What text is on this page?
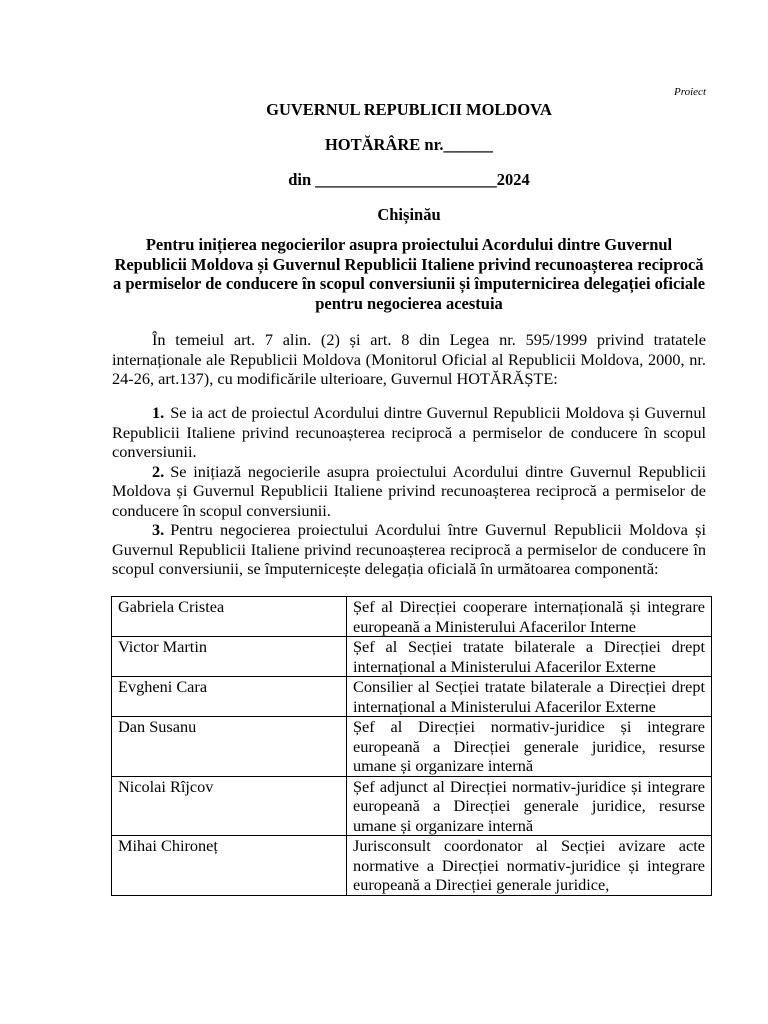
Proiect
GUVERNUL REPUBLICII MOLDOVA
HOTĂRÂRE nr.______
din ______________________2024
Chișinău
Pentru inițierea negocierilor asupra proiectului Acordului dintre Guvernul Republicii Moldova și Guvernul Republicii Italiene privind recunoașterea reciprocă a permiselor de conducere în scopul conversiunii și împuternicirea delegației oficiale pentru negocierea acestuia

În temeiul art. 7 alin. (2) și art. 8 din Legea nr. 595/1999 privind tratatele internaționale ale Republicii Moldova (Monitorul Oficial al Republicii Moldova, 2000, nr. 24-26, art.137), cu modificările ulterioare, Guvernul HOTĂRĂȘTE:

1. Se ia act de proiectul Acordului dintre Guvernul Republicii Moldova și Guvernul Republicii Italiene privind recunoașterea reciprocă a permiselor de conducere în scopul conversiunii.

2. Se inițiază negocierile asupra proiectului Acordului dintre Guvernul Republicii Moldova și Guvernul Republicii Italiene privind recunoașterea reciprocă a permiselor de conducere în scopul conversiunii.

3. Pentru negocierea proiectului Acordului între Guvernul Republicii Moldova și Guvernul Republicii Italiene privind recunoașterea reciprocă a permiselor de conducere în scopul conversiunii, se împuternicește delegația oficială în următoarea componentă:

Gabriela Cristea	Șef al Direcției cooperare internațională și integrare europeană a Ministerului Afacerilor Interne
Victor Martin	Șef al Secției tratate bilaterale a Direcției drept internațional a Ministerului Afacerilor Externe
Evgheni Cara	Consilier al Secției tratate bilaterale a Direcției drept internațional a Ministerului Afacerilor Externe
Dan Susanu	Șef al Direcției normativ-juridice și integrare europeană a Direcției generale juridice, resurse umane și organizare internă
Nicolai Rîjcov	Șef adjunct al Direcției normativ-juridice și integrare europeană a Direcției generale juridice, resurse umane și organizare internă
Mihai Chironeț	Jurisconsult coordonator al Secției avizare acte normative a Direcției normativ-juridice și integrare europeană a Direcției generale juridice,
